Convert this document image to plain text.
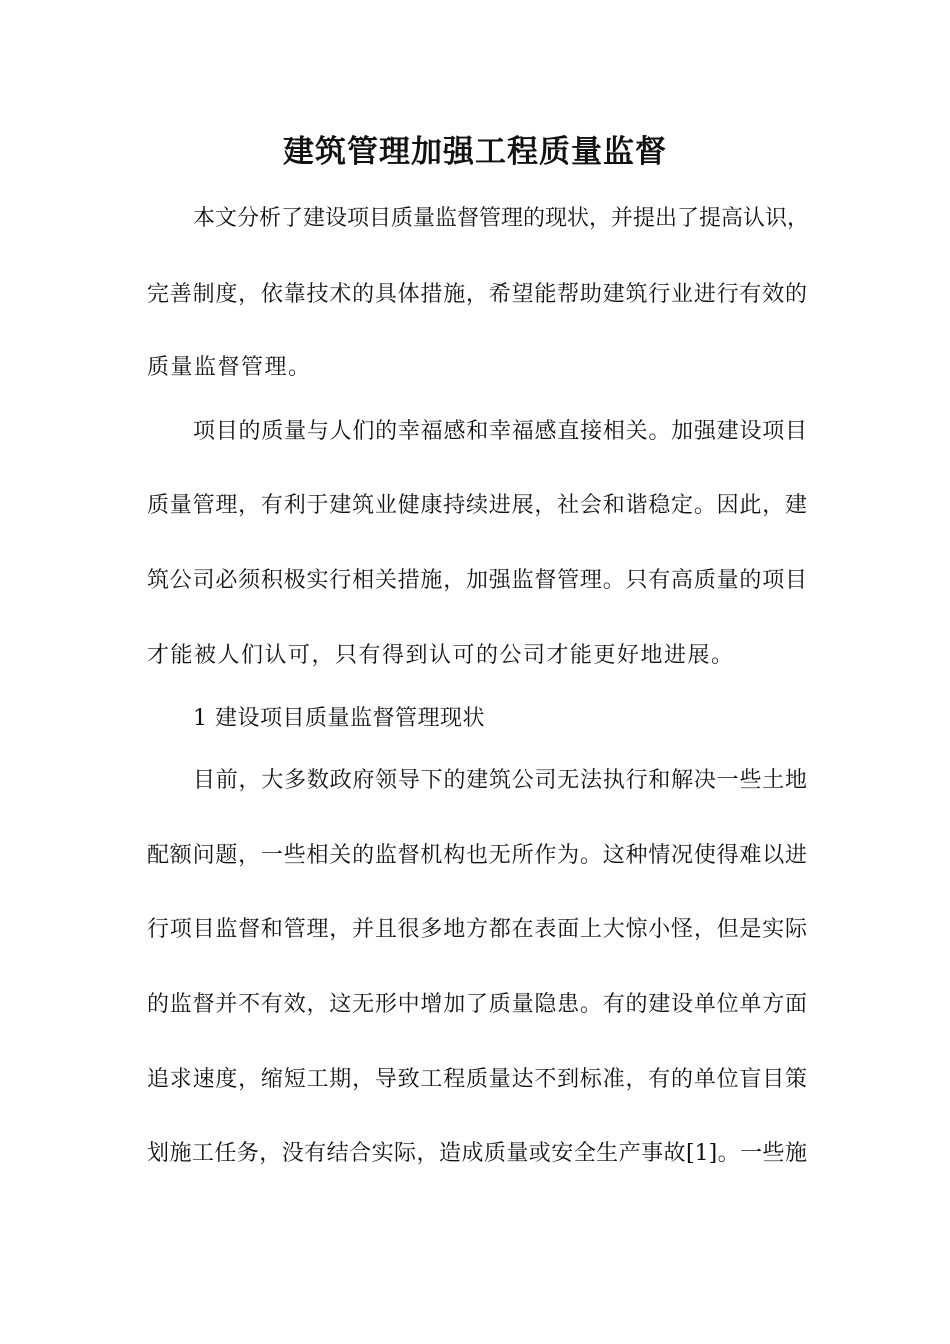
建筑管理加强工程质量监督
本文分析了建设项目质量监督管理的现状，并提出了提高认识，
完善制度，依靠技术的具体措施，希望能帮助建筑行业进行有效的
质量监督管理。
项目的质量与人们的幸福感和幸福感直接相关。加强建设项目
质量管理，有利于建筑业健康持续进展，社会和谐稳定。因此，建
筑公司必须积极实行相关措施，加强监督管理。只有高质量的项目
才能被人们认可，只有得到认可的公司才能更好地进展。
1 建设项目质量监督管理现状
目前，大多数政府领导下的建筑公司无法执行和解决一些土地
配额问题，一些相关的监督机构也无所作为。这种情况使得难以进
行项目监督和管理，并且很多地方都在表面上大惊小怪，但是实际
的监督并不有效，这无形中增加了质量隐患。有的建设单位单方面
追求速度，缩短工期，导致工程质量达不到标准，有的单位盲目策
划施工任务，没有结合实际，造成质量或安全生产事故[1]。一些施
